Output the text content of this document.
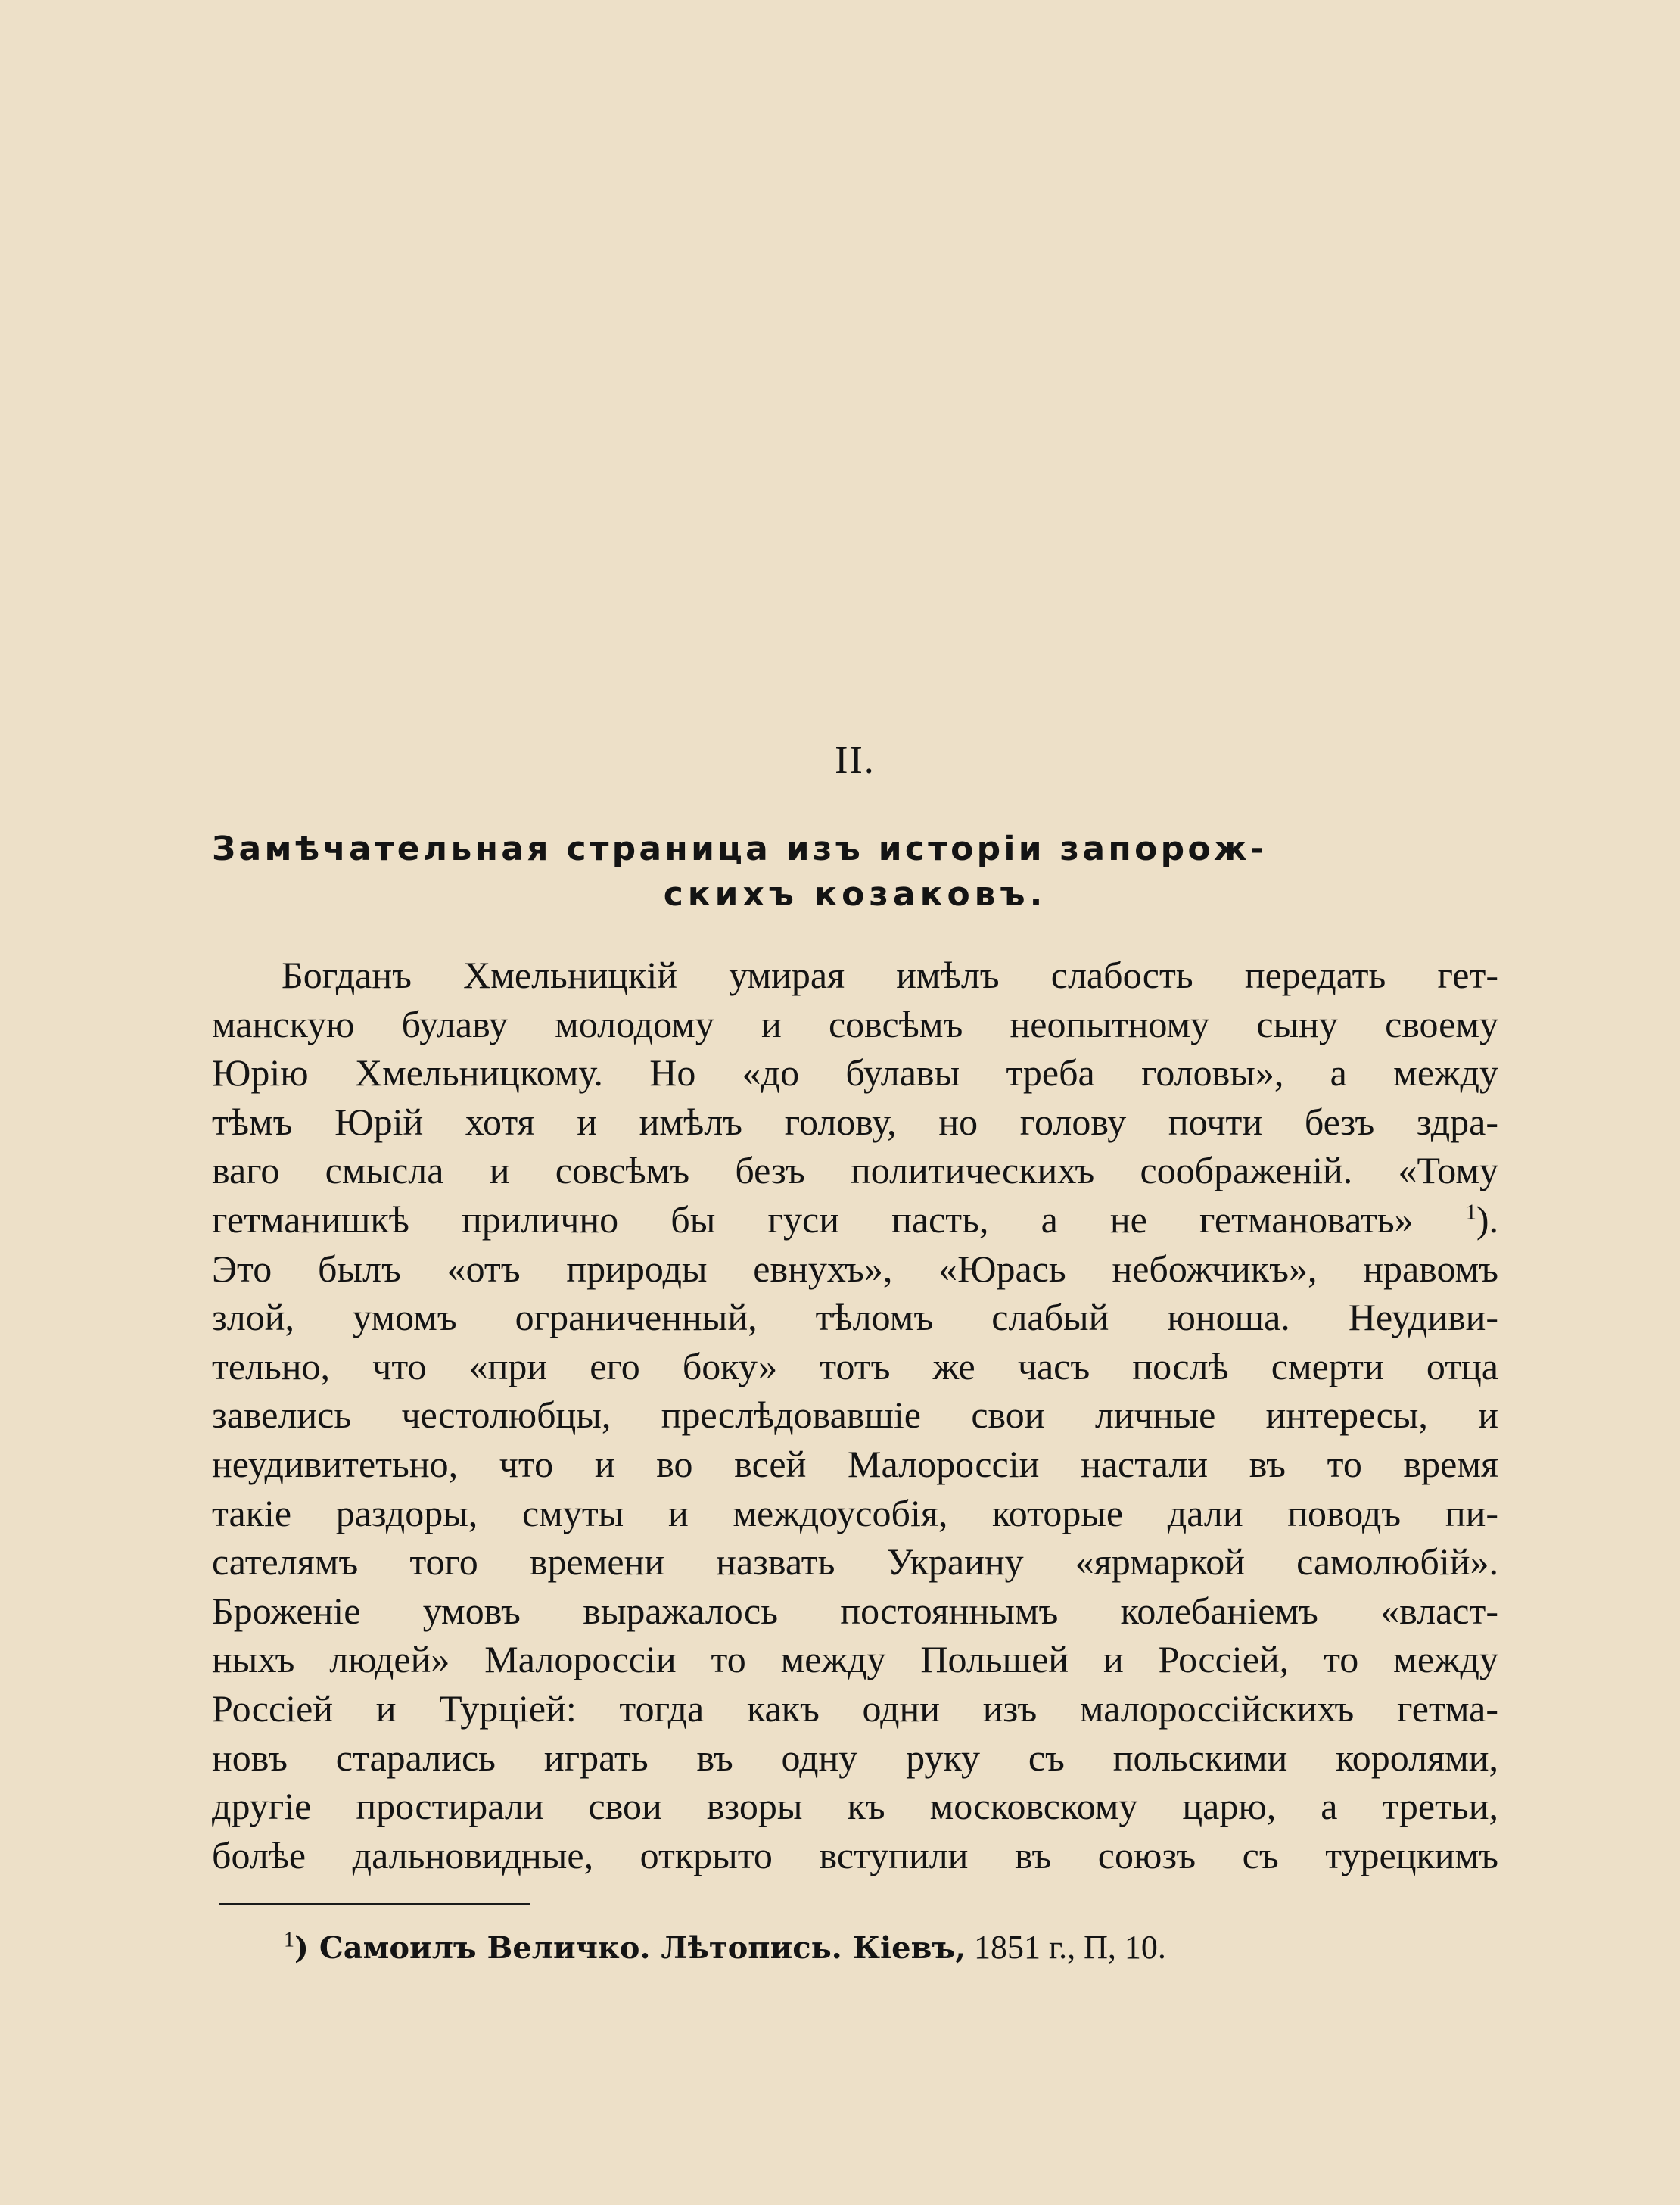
II.
Замѣчательная страница изъ исторіи запорож-
скихъ козаковъ.
Богданъ Хмельницкій умирая имѣлъ слабость передать гет-
манскую булаву молодому и совсѣмъ неопытному сыну своему
Юрію Хмельницкому. Но «до булавы треба головы», а между
тѣмъ Юрій хотя и имѣлъ голову, но голову почти безъ здра-
ваго смысла и совсѣмъ безъ политическихъ соображеній. «Тому
гетманишкѣ прилично бы гуси пасть, а не гетмановать» $^1$).
Это былъ «отъ природы евнухъ», «Юрась небожчикъ», нравомъ
злой, умомъ ограниченный, тѣломъ слабый юноша. Неудиви-
тельно, что «при его боку» тотъ же часъ послѣ смерти отца
завелись честолюбцы, преслѣдовавшіе свои личные интересы, и
неудивитетьно, что и во всей Малороссіи настали въ то время
такіе раздоры, смуты и междоусобія, которые дали поводъ пи-
сателямъ того времени назвать Украину «ярмаркой самолюбій».
Броженіе умовъ выражалось постояннымъ колебаніемъ «власт-
ныхъ людей» Малороссіи то между Польшей и Россіей, то между
Россіей и Турціей: тогда какъ одни изъ малороссійскихъ гетма-
новъ старались играть въ одну руку съ польскими королями,
другіе простирали свои взоры къ московскому царю, а третьи,
болѣе дальновидные, открыто вступили въ союзъ съ турецкимъ
$^1$) Самоилъ Величко. Лѣтопись. Кіевъ, 1851 г., П, 10.
